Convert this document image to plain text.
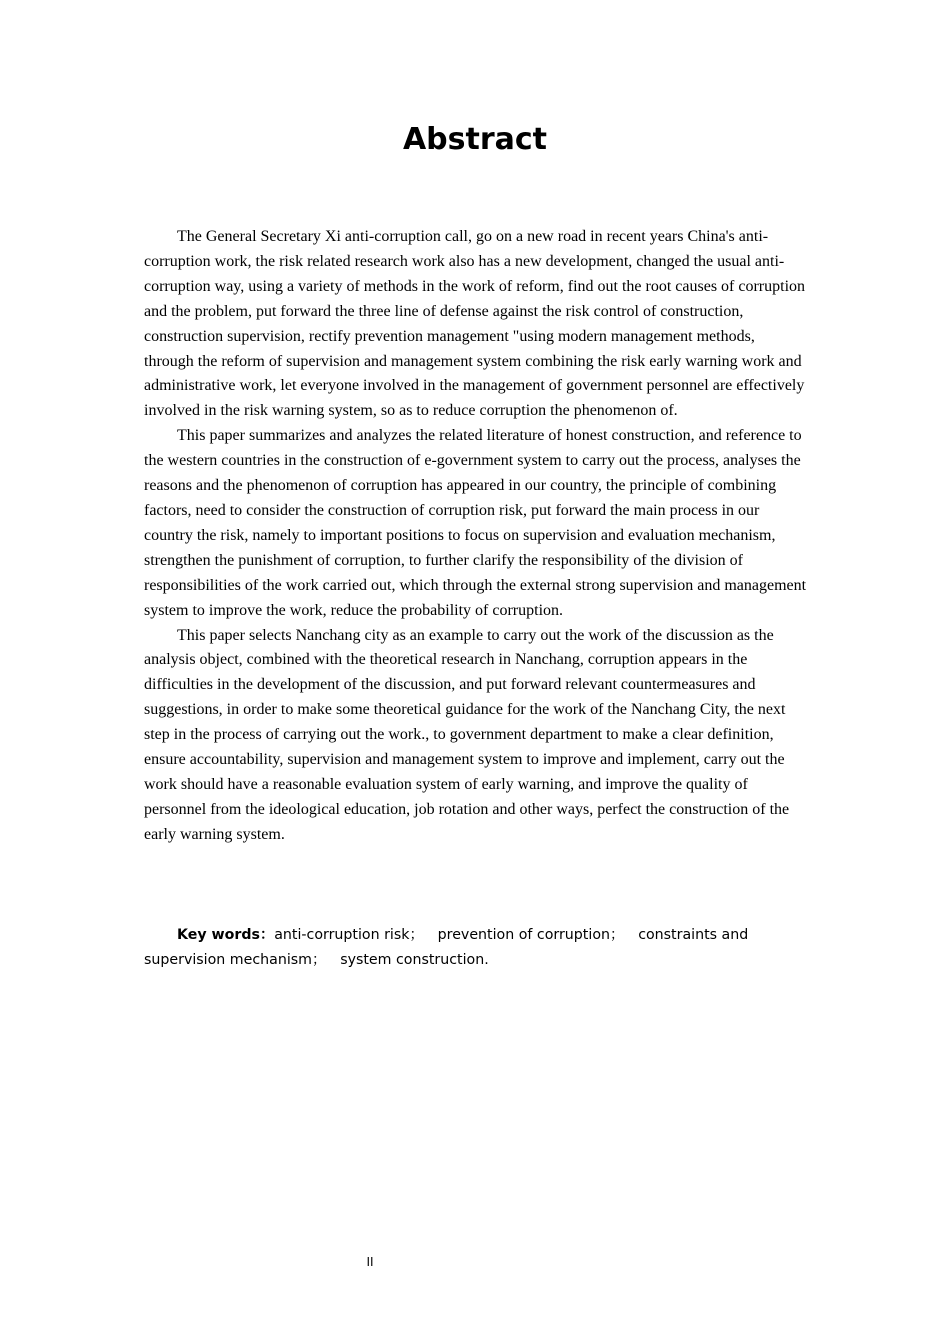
Abstract

The General Secretary Xi anti-corruption call, go on a new road in recent years China's anti-corruption work, the risk related research work also has a new development, changed the usual anti-corruption way, using a variety of methods in the work of reform, find out the root causes of corruption and the problem, put forward the three line of defense against the risk control of construction, construction supervision, rectify prevention management "using modern management methods, through the reform of supervision and management system combining the risk early warning work and administrative work, let everyone involved in the management of government personnel are effectively involved in the risk warning system, so as to reduce corruption the phenomenon of.

This paper summarizes and analyzes the related literature of honest construction, and reference to the western countries in the construction of e-government system to carry out the process, analyses the reasons and the phenomenon of corruption has appeared in our country, the principle of combining factors, need to consider the construction of corruption risk, put forward the main process in our country the risk, namely to important positions to focus on supervision and evaluation mechanism, strengthen the punishment of corruption, to further clarify the responsibility of the division of responsibilities of the work carried out, which through the external strong supervision and management system to improve the work, reduce the probability of corruption.

This paper selects Nanchang city as an example to carry out the work of the discussion as the analysis object, combined with the theoretical research in Nanchang, corruption appears in the difficulties in the development of the discussion, and put forward relevant countermeasures and suggestions, in order to make some theoretical guidance for the work of the Nanchang City, the next step in the process of carrying out the work., to government department to make a clear definition, ensure accountability, supervision and management system to improve and implement, carry out the work should have a reasonable evaluation system of early warning, and improve the quality of personnel from the ideological education, job rotation and other ways, perfect the construction of the early warning system.

Key words：anti-corruption risk； prevention of corruption； constraints and supervision mechanism； system construction.

II
